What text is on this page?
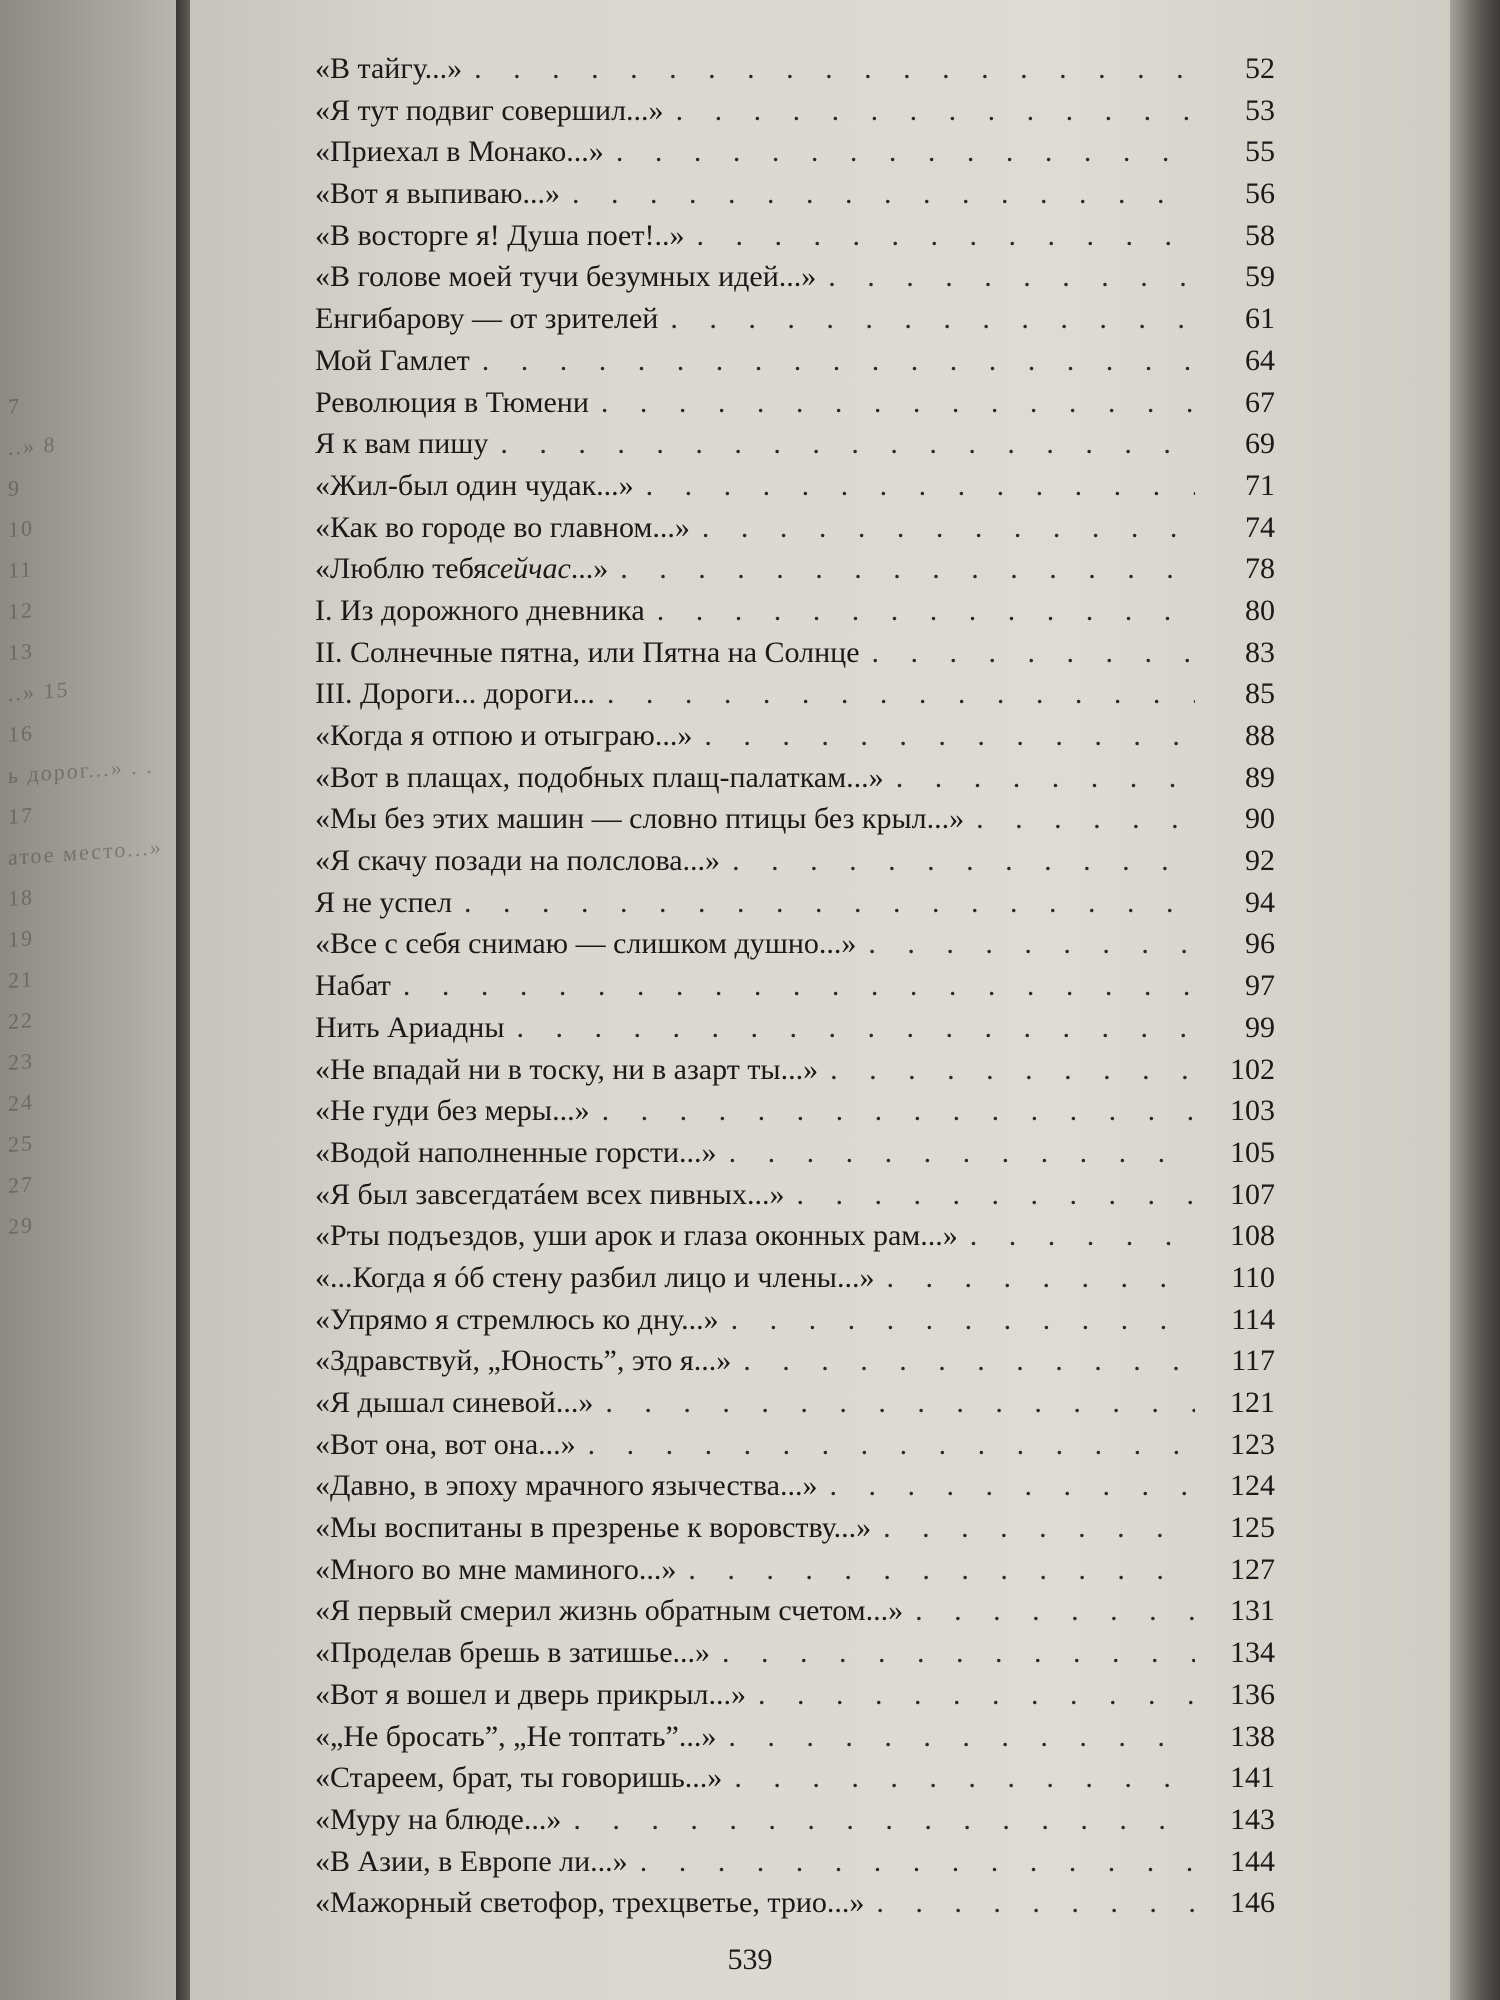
7
..» 8
9
10
11
12
13
..» 15
16
ь дорог...» . . 17
атое место...» 18
19
21
22
23
24
25
27
29
«В тайгу...» . . .	52
«Я тут подвиг совершил...» . . .	53
«Приехал в Монако...» . . .	55
«Вот я выпиваю...» . . .	56
«В восторге я! Душа поет!..» . . .	58
«В голове моей тучи безумных идей...» . . .	59
Енгибарову — от зрителей . . .	61
Мой Гамлет . . .	64
Революция в Тюмени . . .	67
Я к вам пишу . . .	69
«Жил-был один чудак...» . . .	71
«Как во городе во главном...» . . .	74
«Люблю тебя сейчас ...» . . .	78
I. Из дорожного дневника . . .	80
II. Солнечные пятна, или Пятна на Солнце . . .	83
III. Дороги... дороги... . . .	85
«Когда я отпою и отыграю...» . . .	88
«Вот в плащах, подобных плащ-палаткам...» . . .	89
«Мы без этих машин — словно птицы без крыл...» . . .	90
«Я скачу позади на полслова...» . . .	92
Я не успел . . .	94
«Все с себя снимаю — слишком душно...» . . .	96
Набат . . .	97
Нить Ариадны . . .	99
«Не впадай ни в тоску, ни в азарт ты...» . . .	102
«Не гуди без меры...» . . .	103
«Водой наполненные горсти...» . . .	105
«Я был завсегдатáем всех пивных...» . . .	107
«Рты подъездов, уши арок и глаза оконных рам...» . . .	108
«...Когда я óб стену разбил лицо и члены...» . . .	110
«Упрямо я стремлюсь ко дну...» . . .	114
«Здравствуй, „Юность”, это я...» . . .	117
«Я дышал синевой...» . . .	121
«Вот она, вот она...» . . .	123
«Давно, в эпоху мрачного язычества...» . . .	124
«Мы воспитаны в презренье к воровству...» . . .	125
«Много во мне маминого...» . . .	127
«Я первый смерил жизнь обратным счетом...» . . .	131
«Проделав брешь в затишье...» . . .	134
«Вот я вошел и дверь прикрыл...» . . .	136
«„Не бросать”, „Не топтать”...» . . .	138
«Стареем, брат, ты говоришь...» . . .	141
«Муру на блюде...» . . .	143
«В Азии, в Европе ли...» . . .	144
«Мажорный светофор, трехцветье, трио...» . . .	146
539
